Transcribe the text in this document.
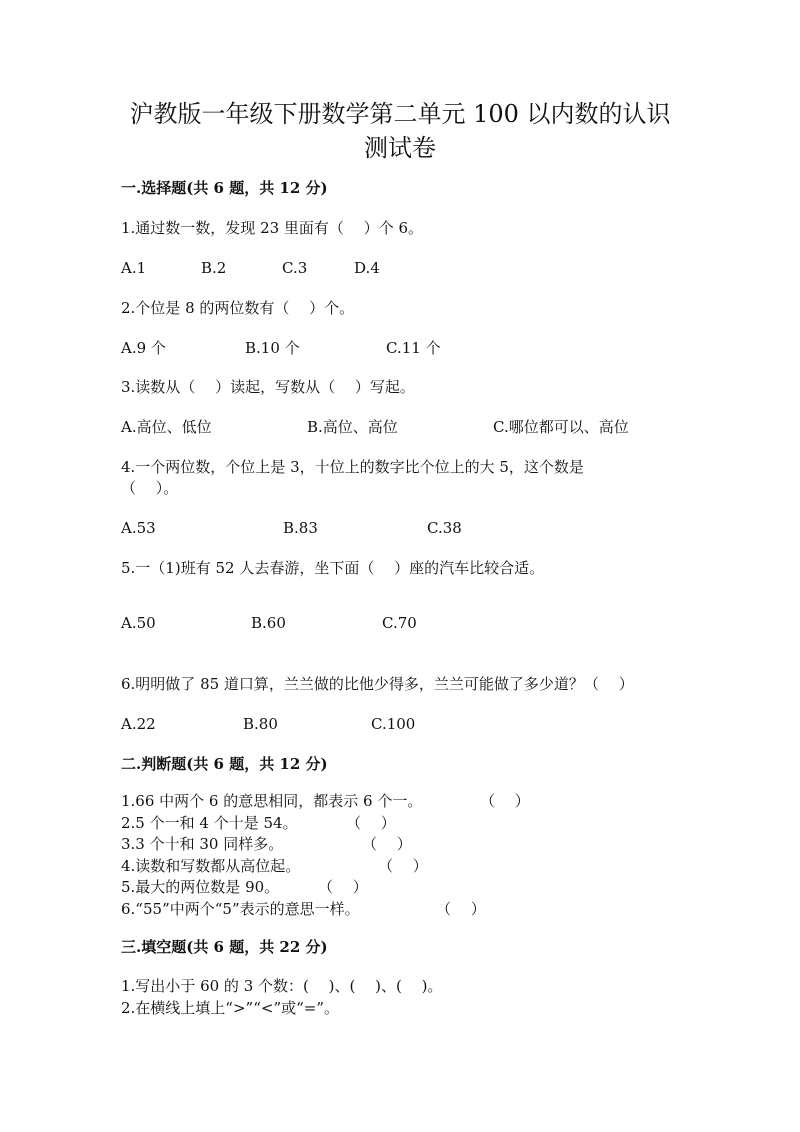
沪教版一年级下册数学第二单元 100 以内数的认识
测试卷
一.选择题(共 6 题，共 12 分)
1.通过数一数，发现 23 里面有（　 ）个 6。
A.1	B.2	C.3	D.4
2.个位是 8 的两位数有（　 ）个。
A.9 个	B.10 个	C.11 个
3.读数从（　 ）读起，写数从（　 ）写起。
A.高位、低位	B.高位、高位	C.哪位都可以、高位
4.一个两位数，个位上是 3，十位上的数字比个位上的大 5，这个数是
（　 ）。
A.53	B.83	C.38
5.一（1)班有 52 人去春游，坐下面（　 ）座的汽车比较合适。
A.50	B.60	C.70
6.明明做了 85 道口算，兰兰做的比他少得多，兰兰可能做了多少道？（　 ）
A.22	B.80	C.100
二.判断题(共 6 题，共 12 分)
1.66 中两个 6 的意思相同，都表示 6 个一。	（　 ）
2.5 个一和 4 个十是 54。	（　 ）
3.3 个十和 30 同样多。	（　 ）
4.读数和写数都从高位起。	（　 ）
5.最大的两位数是 90。	（　 ）
6.“55”中两个“5”表示的意思一样。	（　 ）
三.填空题(共 6 题，共 22 分)
1.写出小于 60 的 3 个数：(　 )、(　 )、(　 )。
2.在横线上填上“>”“<”或“=”。
